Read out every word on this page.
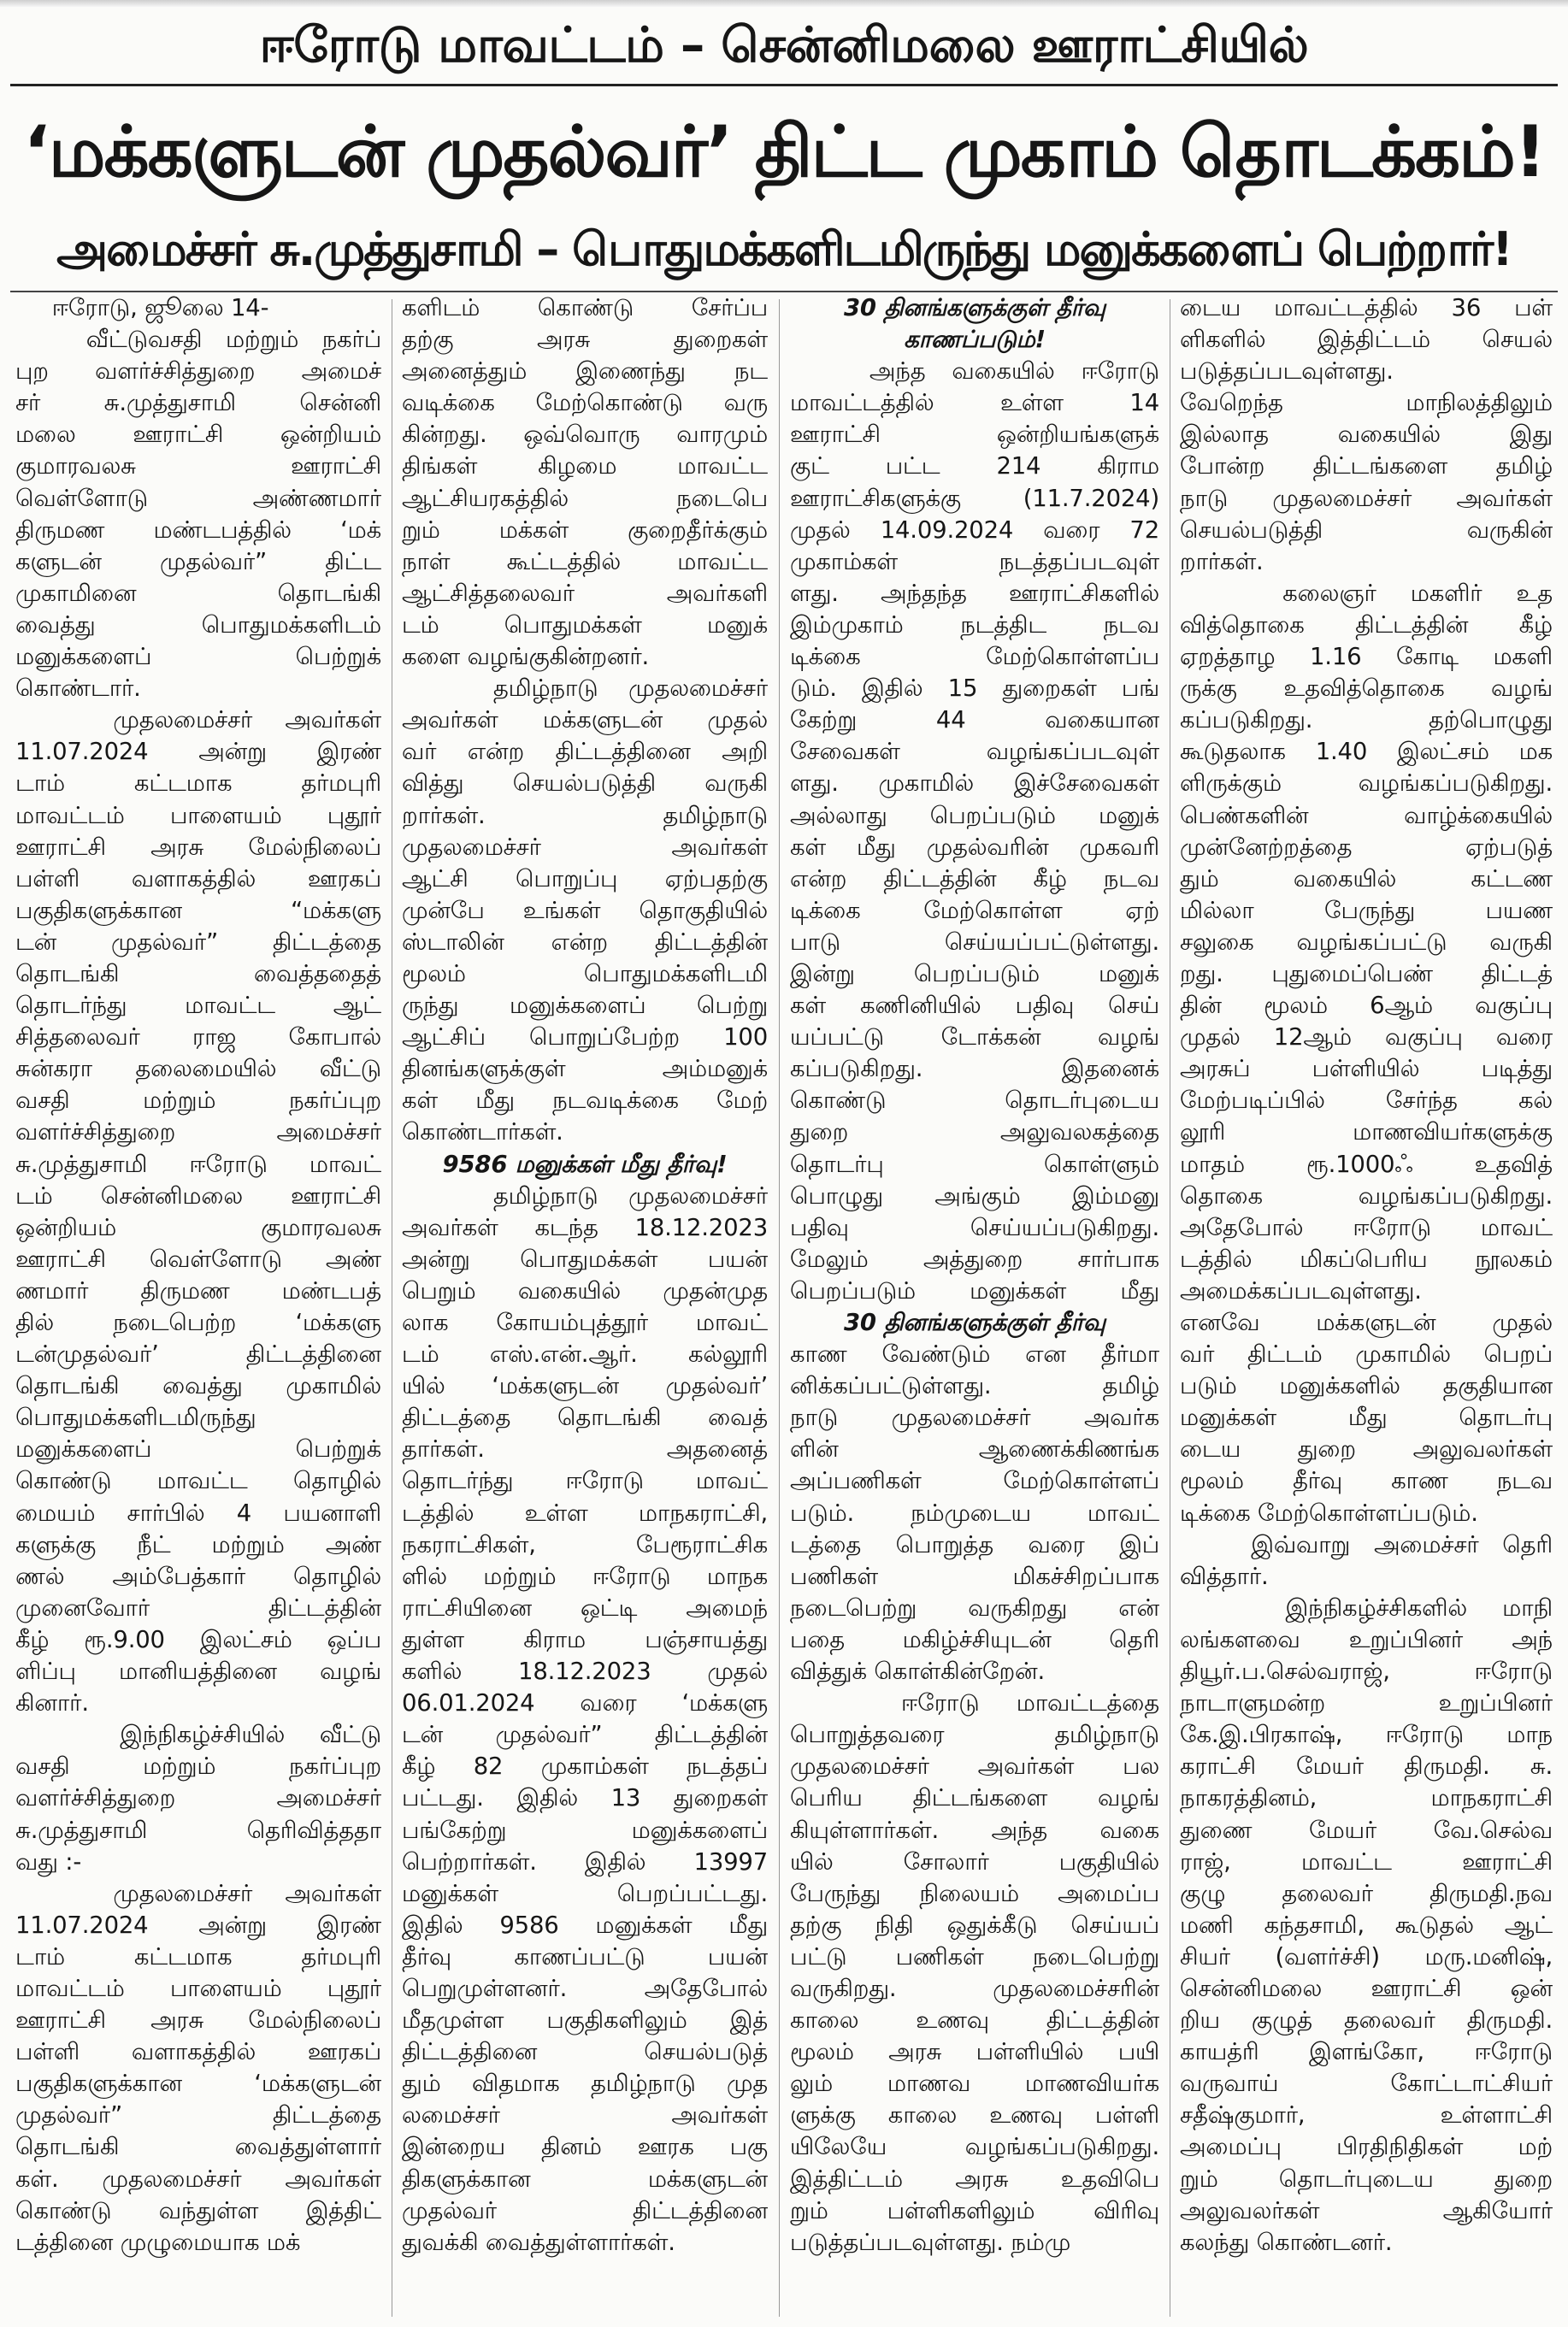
ஈரோடு மாவட்டம் – சென்னிமலை ஊராட்சியில்
‘மக்களுடன் முதல்வர்’ திட்ட முகாம் தொடக்கம்!
அமைச்சர் சு.முத்துசாமி – பொதுமக்களிடமிருந்து மனுக்களைப் பெற்றார்!
ஈரோடு, ஜூலை 14-
வீட்டுவசதி மற்றும் நகர்ப்
புற வளர்ச்சித்துறை அமைச்
சர் சு.முத்துசாமி சென்னி
மலை ஊராட்சி ஒன்றியம்
குமாரவலசு ஊராட்சி
வெள்ளோடு அண்ணமார்
திருமண மண்டபத்தில் ‘மக்
களுடன் முதல்வர்” திட்ட
முகாமினை தொடங்கி
வைத்து பொதுமக்களிடம்
மனுக்களைப் பெற்றுக்
கொண்டார்.
முதலமைச்சர் அவர்கள்
11.07.2024 அன்று இரண்
டாம் கட்டமாக தர்மபுரி
மாவட்டம் பாளையம் புதூர்
ஊராட்சி அரசு மேல்நிலைப்
பள்ளி வளாகத்தில் ஊரகப்
பகுதிகளுக்கான “மக்களு
டன் முதல்வர்” திட்டத்தை
தொடங்கி வைத்ததைத்
தொடர்ந்து மாவட்ட ஆட்
சித்தலைவர் ராஜ கோபால்
சுன்கரா தலைமையில் வீட்டு
வசதி மற்றும் நகர்ப்புற
வளர்ச்சித்துறை அமைச்சர்
சு.முத்துசாமி ஈரோடு மாவட்
டம் சென்னிமலை ஊராட்சி
ஒன்றியம் குமாரவலசு
ஊராட்சி வெள்ளோடு அண்
ணமார் திருமண மண்டபத்
தில் நடைபெற்ற ‘மக்களு
டன்முதல்வர்’ திட்டத்தினை
தொடங்கி வைத்து முகாமில்
பொதுமக்களிடமிருந்து
மனுக்களைப் பெற்றுக்
கொண்டு மாவட்ட தொழில்
மையம் சார்பில் 4 பயனாளி
களுக்கு நீட் மற்றும் அண்
ணல் அம்பேத்கார் தொழில்
முனைவோர் திட்டத்தின்
கீழ் ரூ.9.00 இலட்சம் ஒப்ப
ளிப்பு மானியத்தினை வழங்
கினார்.
இந்நிகழ்ச்சியில் வீட்டு
வசதி மற்றும் நகர்ப்புற
வளர்ச்சித்துறை அமைச்சர்
சு.முத்துசாமி தெரிவித்ததா
வது :-
முதலமைச்சர் அவர்கள்
11.07.2024 அன்று இரண்
டாம் கட்டமாக தர்மபுரி
மாவட்டம் பாளையம் புதூர்
ஊராட்சி அரசு மேல்நிலைப்
பள்ளி வளாகத்தில் ஊரகப்
பகுதிகளுக்கான ‘மக்களுடன்
முதல்வர்” திட்டத்தை
தொடங்கி வைத்துள்ளார்
கள். முதலமைச்சர் அவர்கள்
கொண்டு வந்துள்ள இத்திட்
டத்தினை முழுமையாக மக்
களிடம் கொண்டு சேர்ப்ப
தற்கு அரசு துறைகள்
அனைத்தும் இணைந்து நட
வடிக்கை மேற்கொண்டு வரு
கின்றது. ஒவ்வொரு வாரமும்
திங்கள் கிழமை மாவட்ட
ஆட்சியரகத்தில் நடைபெ
றும் மக்கள் குறைதீர்க்கும்
நாள் கூட்டத்தில் மாவட்ட
ஆட்சித்தலைவர் அவர்களி
டம் பொதுமக்கள் மனுக்
களை வழங்குகின்றனர்.
தமிழ்நாடு முதலமைச்சர்
அவர்கள் மக்களுடன் முதல்
வர் என்ற திட்டத்தினை அறி
வித்து செயல்படுத்தி வருகி
றார்கள். தமிழ்நாடு
முதலமைச்சர் அவர்கள்
ஆட்சி பொறுப்பு ஏற்பதற்கு
முன்பே உங்கள் தொகுதியில்
ஸ்டாலின் என்ற திட்டத்தின்
மூலம் பொதுமக்களிடமி
ருந்து மனுக்களைப் பெற்று
ஆட்சிப் பொறுப்பேற்ற 100
தினங்களுக்குள் அம்மனுக்
கள் மீது நடவடிக்கை மேற்
கொண்டார்கள்.
9586 மனுக்கள் மீது தீர்வு!
தமிழ்நாடு முதலமைச்சர்
அவர்கள் கடந்த 18.12.2023
அன்று பொதுமக்கள் பயன்
பெறும் வகையில் முதன்முத
லாக கோயம்புத்தூர் மாவட்
டம் எஸ்.என்.ஆர். கல்லூரி
யில் ‘மக்களுடன் முதல்வர்’
திட்டத்தை தொடங்கி வைத்
தார்கள். அதனைத்
தொடர்ந்து ஈரோடு மாவட்
டத்தில் உள்ள மாநகராட்சி,
நகராட்சிகள், பேரூராட்சிக
ளில் மற்றும் ஈரோடு மாநக
ராட்சியினை ஒட்டி அமைந்
துள்ள கிராம பஞ்சாயத்து
களில் 18.12.2023 முதல்
06.01.2024 வரை ‘மக்களு
டன் முதல்வர்” திட்டத்தின்
கீழ் 82 முகாம்கள் நடத்தப்
பட்டது. இதில் 13 துறைகள்
பங்கேற்று மனுக்களைப்
பெற்றார்கள். இதில் 13997
மனுக்கள் பெறப்பட்டது.
இதில் 9586 மனுக்கள் மீது
தீர்வு காணப்பட்டு பயன்
பெறுமுள்ளனர். அதேபோல்
மீதமுள்ள பகுதிகளிலும் இத்
திட்டத்தினை செயல்படுத்
தும் விதமாக தமிழ்நாடு முத
லமைச்சர் அவர்கள்
இன்றைய தினம் ஊரக பகு
திகளுக்கான மக்களுடன்
முதல்வர் திட்டத்தினை
துவக்கி வைத்துள்ளார்கள்.
30 தினங்களுக்குள் தீர்வு
காணப்படும்!
அந்த வகையில் ஈரோடு
மாவட்டத்தில் உள்ள 14
ஊராட்சி ஒன்றியங்களுக்
குட் பட்ட 214 கிராம
ஊராட்சிகளுக்கு (11.7.2024)
முதல் 14.09.2024 வரை 72
முகாம்கள் நடத்தப்படவுள்
ளது. அந்தந்த ஊராட்சிகளில்
இம்முகாம் நடத்திட நடவ
டிக்கை மேற்கொள்ளப்ப
டும். இதில் 15 துறைகள் பங்
கேற்று 44 வகையான
சேவைகள் வழங்கப்படவுள்
ளது. முகாமில் இச்சேவைகள்
அல்லாது பெறப்படும் மனுக்
கள் மீது முதல்வரின் முகவரி
என்ற திட்டத்தின் கீழ் நடவ
டிக்கை மேற்கொள்ள ஏற்
பாடு செய்யப்பட்டுள்ளது.
இன்று பெறப்படும் மனுக்
கள் கணினியில் பதிவு செய்
யப்பட்டு டோக்கன் வழங்
கப்படுகிறது. இதனைக்
கொண்டு தொடர்புடைய
துறை அலுவலகத்தை
தொடர்பு கொள்ளும்
பொழுது அங்கும் இம்மனு
பதிவு செய்யப்படுகிறது.
மேலும் அத்துறை சார்பாக
பெறப்படும் மனுக்கள் மீது
30 தினங்களுக்குள் தீர்வு
காண வேண்டும் என தீர்மா
னிக்கப்பட்டுள்ளது. தமிழ்
நாடு முதலமைச்சர் அவர்க
ளின் ஆணைக்கிணங்க
அப்பணிகள் மேற்கொள்ளப்
படும். நம்முடைய மாவட்
டத்தை பொறுத்த வரை இப்
பணிகள் மிகச்சிறப்பாக
நடைபெற்று வருகிறது என்
பதை மகிழ்ச்சியுடன் தெரி
வித்துக் கொள்கின்றேன்.
ஈரோடு மாவட்டத்தை
பொறுத்தவரை தமிழ்நாடு
முதலமைச்சர் அவர்கள் பல
பெரிய திட்டங்களை வழங்
கியுள்ளார்கள். அந்த வகை
யில் சோலார் பகுதியில்
பேருந்து நிலையம் அமைப்ப
தற்கு நிதி ஒதுக்கீடு செய்யப்
பட்டு பணிகள் நடைபெற்று
வருகிறது. முதலமைச்சரின்
காலை உணவு திட்டத்தின்
மூலம் அரசு பள்ளியில் பயி
லும் மாணவ மாணவியர்க
ளுக்கு காலை உணவு பள்ளி
யிலேயே வழங்கப்படுகிறது.
இத்திட்டம் அரசு உதவிபெ
றும் பள்ளிகளிலும் விரிவு
படுத்தப்படவுள்ளது. நம்மு
டைய மாவட்டத்தில் 36 பள்
ளிகளில் இத்திட்டம் செயல்
படுத்தப்படவுள்ளது.
வேறெந்த மாநிலத்திலும்
இல்லாத வகையில் இது
போன்ற திட்டங்களை தமிழ்
நாடு முதலமைச்சர் அவர்கள்
செயல்படுத்தி வருகின்
றார்கள்.
கலைஞர் மகளிர் உத
வித்தொகை திட்டத்தின் கீழ்
ஏறத்தாழ 1.16 கோடி மகளி
ருக்கு உதவித்தொகை வழங்
கப்படுகிறது. தற்பொழுது
கூடுதலாக 1.40 இலட்சம் மக
ளிருக்கும் வழங்கப்படுகிறது.
பெண்களின் வாழ்க்கையில்
முன்னேற்றத்தை ஏற்படுத்
தும் வகையில் கட்டண
மில்லா பேருந்து பயண
சலுகை வழங்கப்பட்டு வருகி
றது. புதுமைப்பெண் திட்டத்
தின் மூலம் 6ஆம் வகுப்பு
முதல் 12ஆம் வகுப்பு வரை
அரசுப் பள்ளியில் படித்து
மேற்படிப்பில் சேர்ந்த கல்
லூரி மாணவியர்களுக்கு
மாதம் ரூ.1000ஃ உதவித்
தொகை வழங்கப்படுகிறது.
அதேபோல் ஈரோடு மாவட்
டத்தில் மிகப்பெரிய நூலகம்
அமைக்கப்படவுள்ளது.
எனவே மக்களுடன் முதல்
வர் திட்டம் முகாமில் பெறப்
படும் மனுக்களில் தகுதியான
மனுக்கள் மீது தொடர்பு
டைய துறை அலுவலர்கள்
மூலம் தீர்வு காண நடவ
டிக்கை மேற்கொள்ளப்படும்.
இவ்வாறு அமைச்சர் தெரி
வித்தார்.
இந்நிகழ்ச்சிகளில் மாநி
லங்களவை உறுப்பினர் அந்
தியூர்.ப.செல்வராஜ், ஈரோடு
நாடாளுமன்ற உறுப்பினர்
கே.இ.பிரகாஷ், ஈரோடு மாந
கராட்சி மேயர் திருமதி. சு.
நாகரத்தினம், மாநகராட்சி
துணை மேயர் வே.செல்வ
ராஜ், மாவட்ட ஊராட்சி
குழு தலைவர் திருமதி.நவ
மணி கந்தசாமி, கூடுதல் ஆட்
சியர் (வளர்ச்சி) மரு.மனிஷ்,
சென்னிமலை ஊராட்சி ஒன்
றிய குழுத் தலைவர் திருமதி.
காயத்ரி இளங்கோ, ஈரோடு
வருவாய் கோட்டாட்சியர்
சதீஷ்குமார், உள்ளாட்சி
அமைப்பு பிரதிநிதிகள் மற்
றும் தொடர்புடைய துறை
அலுவலர்கள் ஆகியோர்
கலந்து கொண்டனர்.
